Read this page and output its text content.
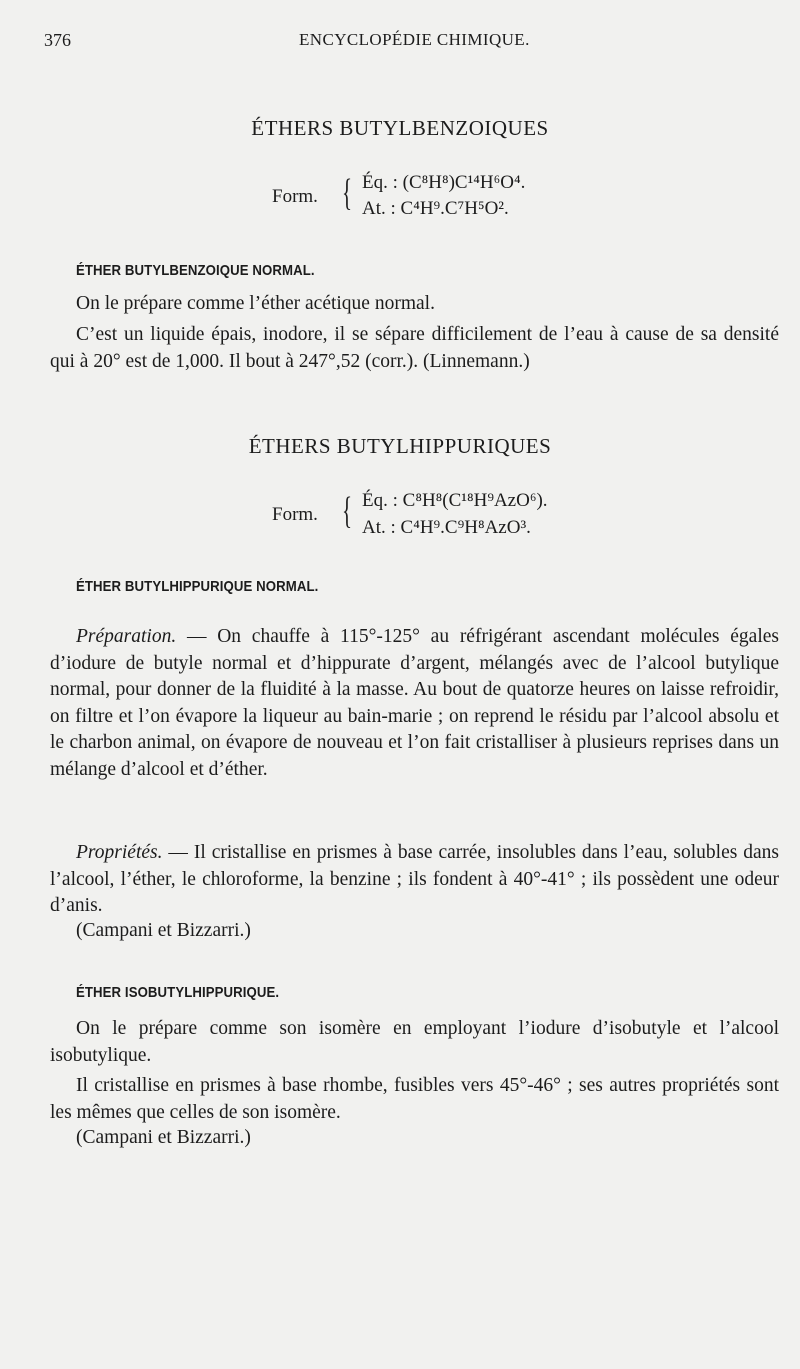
376	ENCYCLOPÉDIE CHIMIQUE.
ÉTHERS BUTYLBENZOIQUES
Form. { Éq. : (C⁸H⁸)C¹⁴H⁶O⁴.
At. : C⁴H⁹.C⁷H⁵O².
ÉTHER BUTYLBENZOIQUE NORMAL.
On le prépare comme l’éther acétique normal.
C’est un liquide épais, inodore, il se sépare difficilement de l’eau à cause de sa densité qui à 20° est de 1,000. Il bout à 247°,52 (corr.). (Linnemann.)
ÉTHERS BUTYLHIPPURIQUES
Form. { Éq. : C⁸H⁸(C¹⁸H⁹AzO⁶).
At. : C⁴H⁹.C⁹H⁸AzO³.
ÉTHER BUTYLHIPPURIQUE NORMAL.
Préparation. — On chauffe à 115°-125° au réfrigérant ascendant molécules égales d’iodure de butyle normal et d’hippurate d’argent, mélangés avec de l’alcool butylique normal, pour donner de la fluidité à la masse. Au bout de quatorze heures on laisse refroidir, on filtre et l’on évapore la liqueur au bain-marie ; on reprend le résidu par l’alcool absolu et le charbon animal, on évapore de nouveau et l’on fait cristalliser à plusieurs reprises dans un mélange d’alcool et d’éther.
Propriétés. — Il cristallise en prismes à base carrée, insolubles dans l’eau, solubles dans l’alcool, l’éther, le chloroforme, la benzine ; ils fondent à 40°-41° ; ils possèdent une odeur d’anis.
(Campani et Bizzarri.)
ÉTHER ISOBUTYLHIPPURIQUE.
On le prépare comme son isomère en employant l’iodure d’isobutyle et l’alcool isobutylique.
Il cristallise en prismes à base rhombe, fusibles vers 45°-46° ; ses autres propriétés sont les mêmes que celles de son isomère.
(Campani et Bizzarri.)
